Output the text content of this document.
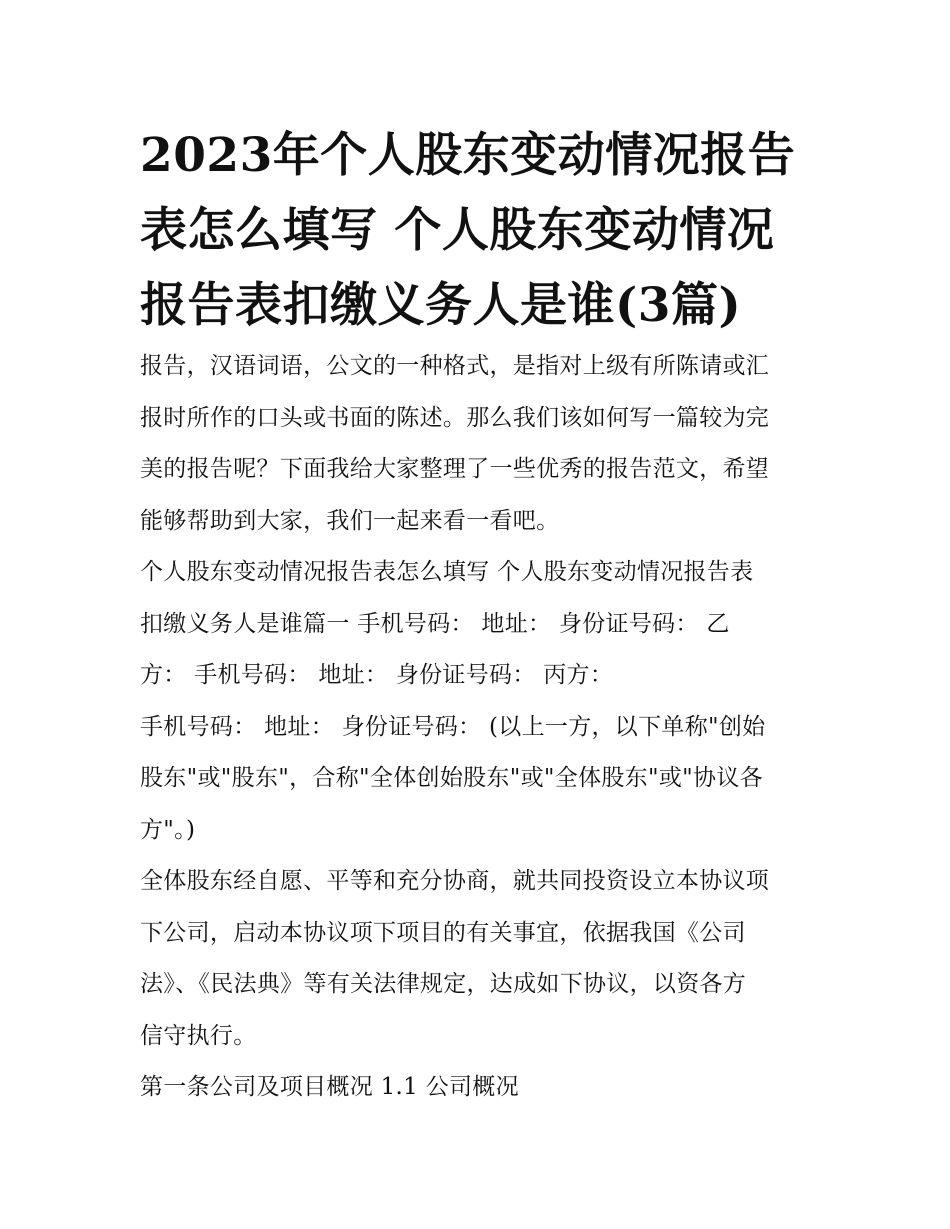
2023年个人股东变动情况报告表怎么填写 个人股东变动情况报告表扣缴义务人是谁(3篇)
报告，汉语词语，公文的一种格式，是指对上级有所陈请或汇
报时所作的口头或书面的陈述。那么我们该如何写一篇较为完
美的报告呢？下面我给大家整理了一些优秀的报告范文，希望
能够帮助到大家，我们一起来看一看吧。
个人股东变动情况报告表怎么填写 个人股东变动情况报告表
扣缴义务人是谁篇一 手机号码： 地址： 身份证号码： 乙
方： 手机号码： 地址： 身份证号码： 丙方：
手机号码： 地址： 身份证号码： (以上一方，以下单称"创始
股东"或"股东"，合称"全体创始股东"或"全体股东"或"协议各
方"。)
全体股东经自愿、平等和充分协商，就共同投资设立本协议项
下公司，启动本协议项下项目的有关事宜，依据我国《公司
法》、《民法典》等有关法律规定，达成如下协议，以资各方
信守执行。
第一条公司及项目概况 1.1 公司概况
